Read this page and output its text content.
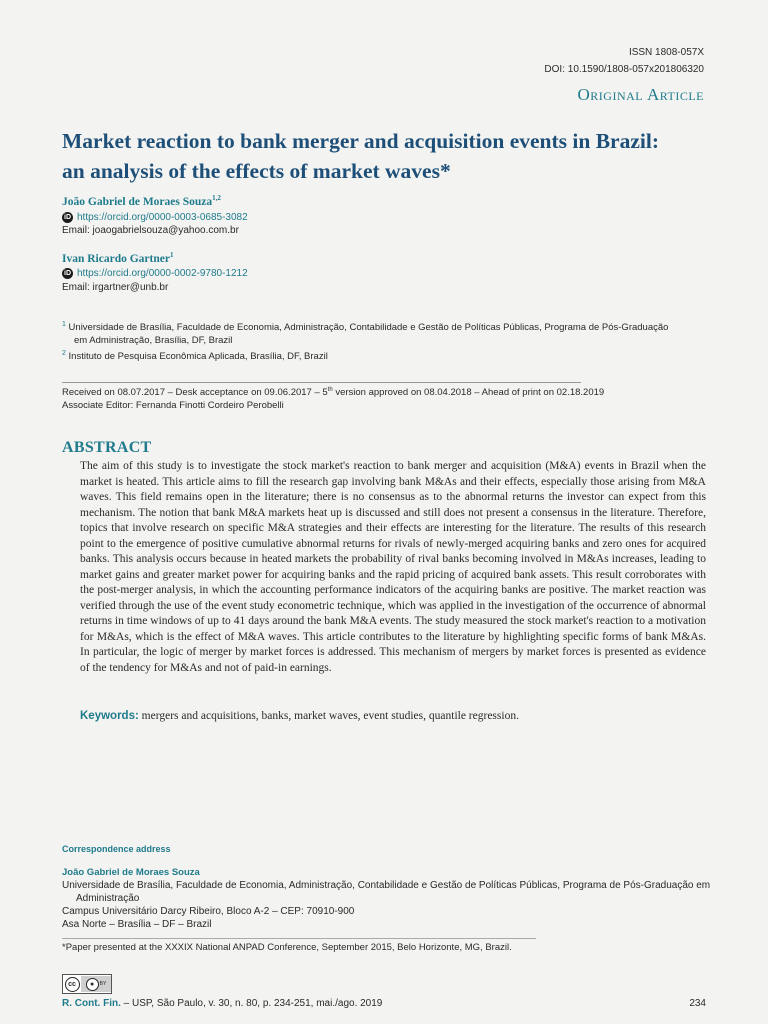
ISSN 1808-057X
DOI: 10.1590/1808-057x201806320
Original Article
Market reaction to bank merger and acquisition events in Brazil:
an analysis of the effects of market waves*
João Gabriel de Moraes Souza$^{1,2}$
iD https://orcid.org/0000-0003-0685-3082
Email: joaogabrielsouza@yahoo.com.br
Ivan Ricardo Gartner$^1$
iD https://orcid.org/0000-0002-9780-1212
Email: irgartner@unb.br
$^1$ Universidade de Brasília, Faculdade de Economia, Administração, Contabilidade e Gestão de Políticas Públicas, Programa de Pós-Graduação
em Administração, Brasília, DF, Brazil
$^2$ Instituto de Pesquisa Econômica Aplicada, Brasília, DF, Brazil
Received on 08.07.2017 – Desk acceptance on 09.06.2017 – 5th version approved on 08.04.2018 – Ahead of print on 02.18.2019
Associate Editor: Fernanda Finotti Cordeiro Perobelli
ABSTRACT
The aim of this study is to investigate the stock market's reaction to bank merger and acquisition (M&A) events in Brazil when the market is heated. This article aims to fill the research gap involving bank M&As and their effects, especially those arising from M&A waves. This field remains open in the literature; there is no consensus as to the abnormal returns the investor can expect from this mechanism. The notion that bank M&A markets heat up is discussed and still does not present a consensus in the literature. Therefore, topics that involve research on specific M&A strategies and their effects are interesting for the literature. The results of this research point to the emergence of positive cumulative abnormal returns for rivals of newly-merged acquiring banks and zero ones for acquired banks. This analysis occurs because in heated markets the probability of rival banks becoming involved in M&As increases, leading to market gains and greater market power for acquiring banks and the rapid pricing of acquired bank assets. This result corroborates with the post-merger analysis, in which the accounting performance indicators of the acquiring banks are positive. The market reaction was verified through the use of the event study econometric technique, which was applied in the investigation of the occurrence of abnormal returns in time windows of up to 41 days around the bank M&A events. The study measured the stock market's reaction to a motivation for M&As, which is the effect of M&A waves. This article contributes to the literature by highlighting specific forms of bank M&As. In particular, the logic of merger by market forces is addressed. This mechanism of mergers by market forces is presented as evidence of the tendency for M&As and not of paid-in earnings.
Keywords: mergers and acquisitions, banks, market waves, event studies, quantile regression.
Correspondence address
João Gabriel de Moraes Souza
Universidade de Brasília, Faculdade de Economia, Administração, Contabilidade e Gestão de Políticas Públicas, Programa de Pós-Graduação em
Administração
Campus Universitário Darcy Ribeiro, Bloco A-2 – CEP: 70910-900
Asa Norte – Brasília – DF – Brazil
*Paper presented at the XXXIX National ANPAD Conference, September 2015, Belo Horizonte, MG, Brazil.
cc	●	BY
R. Cont. Fin. – USP, São Paulo, v. 30, n. 80, p. 234-251, mai./ago. 2019	234
